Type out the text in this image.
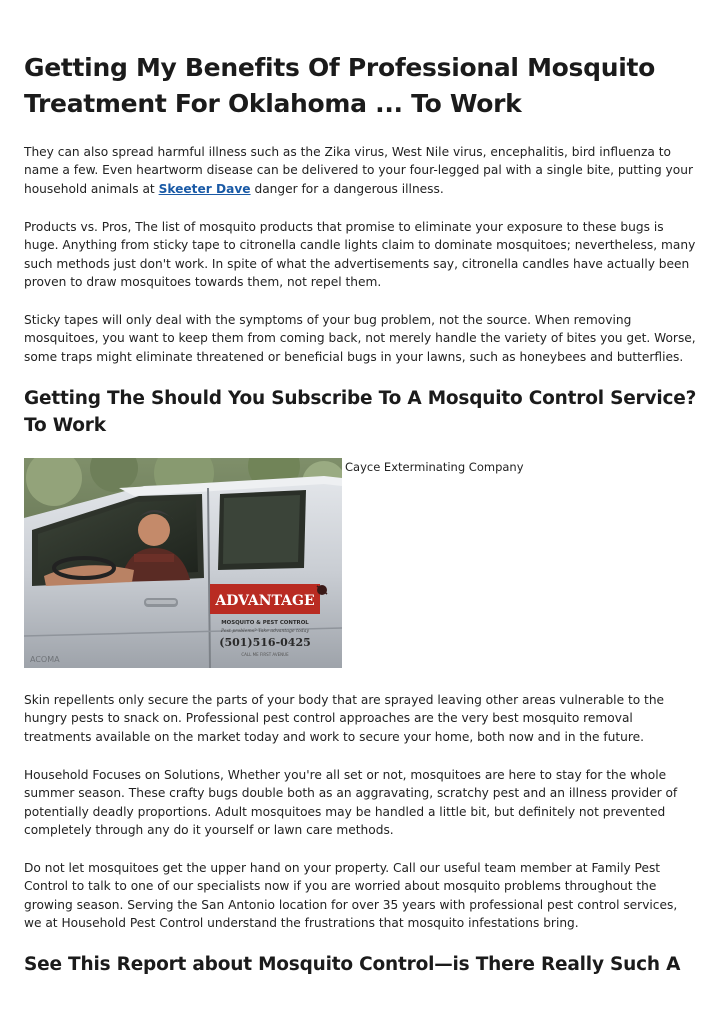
Getting My Benefits Of Professional Mosquito Treatment For Oklahoma ... To Work

They can also spread harmful illness such as the Zika virus, West Nile virus, encephalitis, bird influenza to name a few. Even heartworm disease can be delivered to your four-legged pal with a single bite, putting your household animals at Skeeter Dave danger for a dangerous illness.

Products vs. Pros, The list of mosquito products that promise to eliminate your exposure to these bugs is huge. Anything from sticky tape to citronella candle lights claim to dominate mosquitoes; nevertheless, many such methods just don't work. In spite of what the advertisements say, citronella candles have actually been proven to draw mosquitoes towards them, not repel them.

Sticky tapes will only deal with the symptoms of your bug problem, not the source. When removing mosquitoes, you want to keep them from coming back, not merely handle the variety of bites you get. Worse, some traps might eliminate threatened or beneficial bugs in your lawns, such as honeybees and butterflies.

Getting The Should You Subscribe To A Mosquito Control Service? To Work
ADVANTAGE
MOSQUITO & PEST CONTROL
Pest problems? Take advantage today
(501)516-0425
CALL ME FIRST AVENUE
ACOMA
Cayce Exterminating Company

Skin repellents only secure the parts of your body that are sprayed leaving other areas vulnerable to the hungry pests to snack on. Professional pest control approaches are the very best mosquito removal treatments available on the market today and work to secure your home, both now and in the future.

Household Focuses on Solutions, Whether you're all set or not, mosquitoes are here to stay for the whole summer season. These crafty bugs double both as an aggravating, scratchy pest and an illness provider of potentially deadly proportions. Adult mosquitoes may be handled a little bit, but definitely not prevented completely through any do it yourself or lawn care methods.

Do not let mosquitoes get the upper hand on your property. Call our useful team member at Family Pest Control to talk to one of our specialists now if you are worried about mosquito problems throughout the growing season. Serving the San Antonio location for over 35 years with professional pest control services, we at Household Pest Control understand the frustrations that mosquito infestations bring.

See This Report about Mosquito Control—is There Really Such A
